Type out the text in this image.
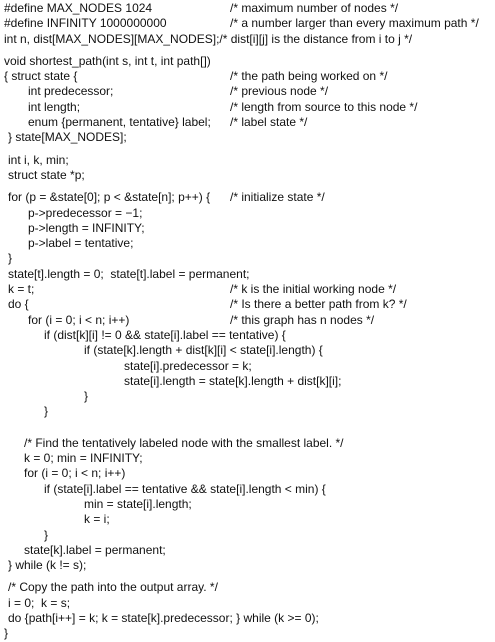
#define MAX_NODES 1024	/* maximum number of nodes */
#define INFINITY 1000000000	/* a number larger than every maximum path */
int n, dist[MAX_NODES][MAX_NODES];/* dist[i][j] is the distance from i to j */
void shortest_path(int s, int t, int path[])
{ struct state {	/* the path being worked on */
int predecessor;	/* previous node */
int length;	/* length from source to this node */
enum {permanent, tentative} label; /* label state */
} state[MAX_NODES];
int i, k, min;
struct state *p;
for (p = &state[0]; p < &state[n]; p++) { /* initialize state */
p->predecessor = −1;
p->length = INFINITY;
p->label = tentative;
}
state[t].length = 0;  state[t].label = permanent;
k = t;	/* k is the initial working node */
do {	/* Is there a better path from k? */
for (i = 0; i < n; i++)	/* this graph has n nodes */
if (dist[k][i] != 0 && state[i].label == tentative) {
if (state[k].length + dist[k][i] < state[i].length) {
state[i].predecessor = k;
state[i].length = state[k].length + dist[k][i];
}
}
/* Find the tentatively labeled node with the smallest label. */
k = 0; min = INFINITY;
for (i = 0; i < n; i++)
if (state[i].label == tentative && state[i].length < min) {
min = state[i].length;
k = i;
}
state[k].label = permanent;
} while (k != s);
/* Copy the path into the output array. */
i = 0;  k = s;
do {path[i++] = k; k = state[k].predecessor; } while (k >= 0);
}
